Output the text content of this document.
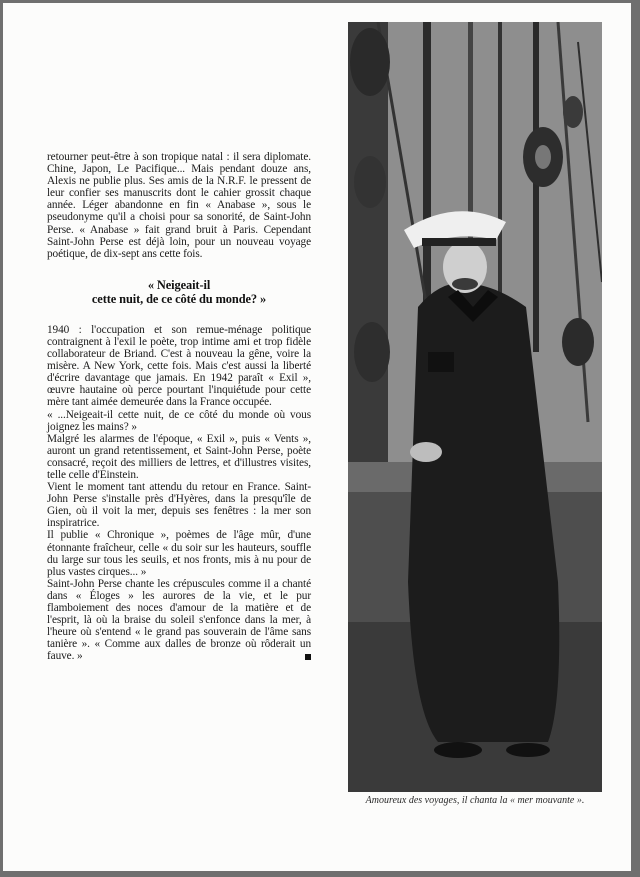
retourner peut-être à son tropique natal : il sera diplomate. Chine, Japon, Le Pacifique... Mais pendant douze ans, Alexis ne publie plus. Ses amis de la N.R.F. le pressent de leur confier ses manuscrits dont le cahier grossit chaque année. Léger abandonne en fin « Anabase », sous le pseudonyme qu'il a choisi pour sa sonorité, de Saint-John Perse. « Anabase » fait grand bruit à Paris. Cependant Saint-John Perse est déjà loin, pour un nouveau voyage poétique, de dix-sept ans cette fois.

« Neigeait-il
cette nuit, de ce côté du monde? »

1940 : l'occupation et son remue-ménage politique contraignent à l'exil le poète, trop intime ami et trop fidèle collaborateur de Briand. C'est à nouveau la gêne, voire la misère. A New York, cette fois. Mais c'est aussi la liberté d'écrire davantage que jamais. En 1942 paraît « Exil », œuvre hautaine où perce pourtant l'inquiétude pour cette mère tant aimée demeurée dans la France occupée.

« ...Neigeait-il cette nuit, de ce côté du monde où vous joignez les mains? »

Malgré les alarmes de l'époque, « Exil », puis « Vents », auront un grand retentissement, et Saint-John Perse, poète consacré, reçoit des milliers de lettres, et d'illustres visites, telle celle d'Einstein.

Vient le moment tant attendu du retour en France. Saint-John Perse s'installe près d'Hyères, dans la presqu'île de Gien, où il voit la mer, depuis ses fenêtres : la mer son inspiratrice.

Il publie « Chronique », poèmes de l'âge mûr, d'une étonnante fraîcheur, celle « du soir sur les hauteurs, souffle du large sur tous les seuils, et nos fronts, mis à nu pour de plus vastes cirques... »

Saint-John Perse chante les crépuscules comme il a chanté dans « Éloges » les aurores de la vie, et le pur flamboiement des noces d'amour de la matière et de l'esprit, là où la braise du soleil s'enfonce dans la mer, à l'heure où s'entend « le grand pas souverain de l'âme sans tanière ». « Comme aux dalles de bronze où rôderait un fauve. »

Amoureux des voyages, il chanta la « mer mouvante ».
